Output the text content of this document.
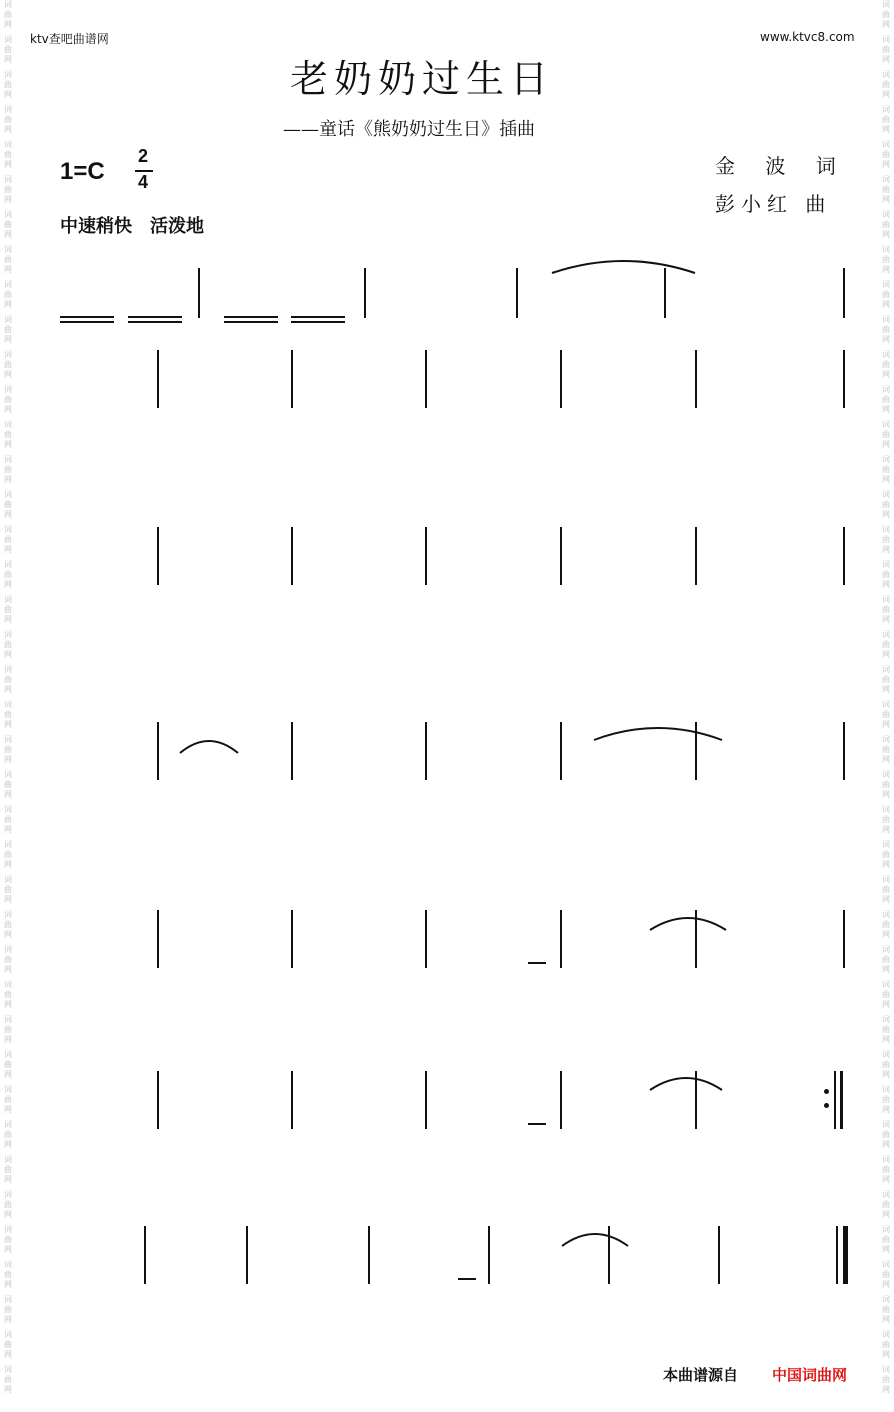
词
曲
网
词
曲
网
词
曲
网
词
曲
网
词
曲
网
词
曲
网
词
曲
网
词
曲
网
词
曲
网
词
曲
网
词
曲
网
词
曲
网
词
曲
网
词
曲
网
词
曲
网
词
曲
网
词
曲
网
词
曲
网
词
曲
网
词
曲
网
词
曲
网
词
曲
网
词
曲
网
词
曲
网
词
曲
网
词
曲
网
词
曲
网
词
曲
网
词
曲
网
词
曲
网
词
曲
网
词
曲
网
词
曲
网
词
曲
网
词
曲
网
词
曲
网
词
曲
网
词
曲
网
词
曲
网
词
曲
网
词
曲
网
词
曲
网
词
曲
网
词
曲
网
词
曲
网
词
曲
网
词
曲
网
词
曲
网
词
曲
网
词
曲
网
词
曲
网
词
曲
网
词
曲
网
词
曲
网
词
曲
网
词
曲
网
词
曲
网
词
曲
网
词
曲
网
词
曲
网
词
曲
网
词
曲
网
词
曲
网
词
曲
网
词
曲
网
词
曲
网
词
曲
网
词
曲
网
词
曲
网
词
曲
网
词
曲
网
词
曲
网
词
曲
网
词
曲
网
词
曲
网
词
曲
网
词
曲
网
词
曲
网
词
曲
网
词
曲
网
ktv查吧曲谱网	www.ktvc8.com
老奶奶过生日
——童话《熊奶奶过生日》插曲
1=C
2
4
中速稍快　活泼地
金 波 词
彭小红 曲
本曲谱源自 中国词曲网
